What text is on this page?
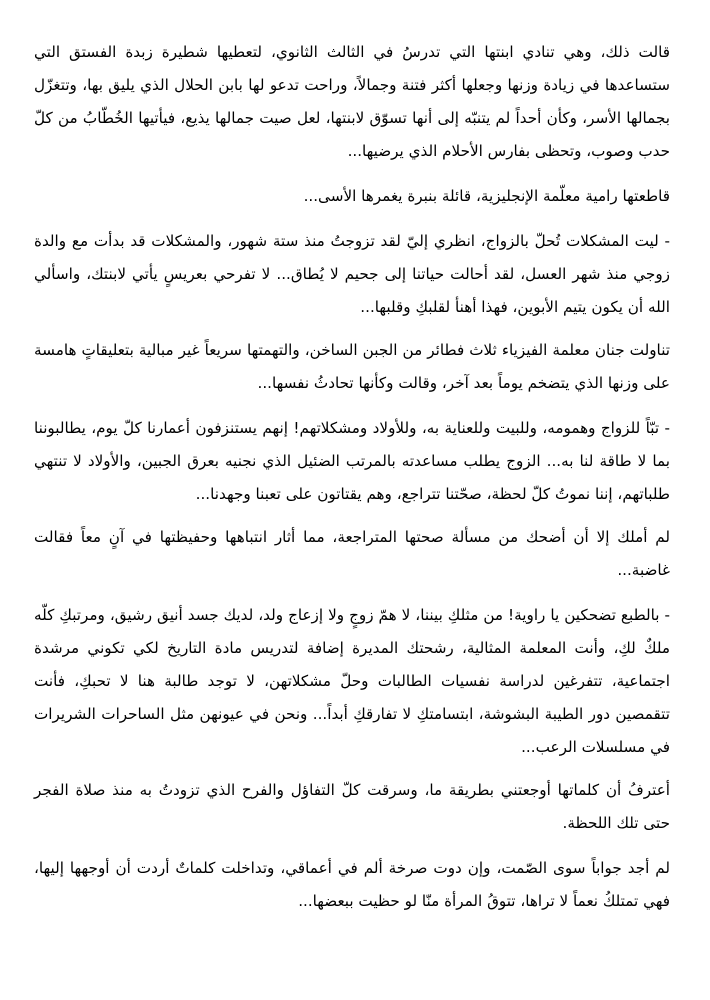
قالت ذلك، وهي تنادي ابنتها التي تدرسُ في الثالث الثانوي، لتعطيها شطيرة زبدة الفستق التي ستساعدها في زيادة وزنها وجعلها أكثر فتنة وجمالاً، وراحت تدعو لها بابن الحلال الذي يليق بها، وتتغزّل بجمالها الأسر، وكأن أحداً لم يتنبّه إلى أنها تسوّق لابنتها، لعل صيت جمالها يذيع، فيأتيها الخُطّابُ من كلّ حدب وصوب، وتحظى بفارس الأحلام الذي يرضيها...

قاطعتها رامية معلّمة الإنجليزية، قائلة بنبرة يغمرها الأسى...

- ليت المشكلات تُحلّ بالزواج، انظري إليّ لقد تزوجتُ منذ ستة شهور، والمشكلات قد بدأت مع والدة زوجي منذ شهر العسل، لقد أحالت حياتنا إلى جحيم لا يُطاق... لا تفرحي بعريسٍ يأتي لابنتك، واسألي الله أن يكون يتيم الأبوين، فهذا أهنأ لقلبكِ وقلبها...

تناولت جنان معلمة الفيزياء ثلاث فطائر من الجبن الساخن، والتهمتها سريعاً غير مبالية بتعليقاتٍ هامسة على وزنها الذي يتضخم يوماً بعد آخر، وقالت وكأنها تحادثُ نفسها...

- تبّاً للزواج وهمومه، وللبيت وللعناية به، وللأولاد ومشكلاتهم! إنهم يستنزفون أعمارنا كلّ يوم، يطالبوننا بما لا طاقة لنا به... الزوج يطلب مساعدته بالمرتب الضئيل الذي نجنيه بعرق الجبين، والأولاد لا تنتهي طلباتهم، إننا نموتُ كلّ لحظة، صحّتنا تتراجع، وهم يقتاتون على تعبنا وجهدنا...

لم أملك إلا أن أضحك من مسألة صحتها المتراجعة، مما أثار انتباهها وحفيظتها في آنٍ معاً فقالت غاضبة...

- بالطبع تضحكين يا راوية! من مثلكِ بيننا، لا همّ زوجٍ ولا إزعاج ولد، لديك جسد أنيق رشيق، ومرتبكِ كلّه ملكٌ لكِ، وأنت المعلمة المثالية، رشحتك المديرة إضافة لتدريس مادة التاريخ لكي تكوني مرشدة اجتماعية، تتفرغين لدراسة نفسيات الطالبات وحلّ مشكلاتهن، لا توجد طالبة هنا لا تحبكِ، فأنت تتقمصين دور الطيبة البشوشة، ابتسامتكِ لا تفارقكِ أبداً... ونحن في عيونهن مثل الساحرات الشريرات في مسلسلات الرعب...

أعترفُ أن كلماتها أوجعتني بطريقة ما، وسرقت كلّ التفاؤل والفرح الذي تزودتُ به منذ صلاة الفجر حتى تلك اللحظة.

لم أجد جواباً سوى الصّمت، وإن دوت صرخة ألم في أعماقي، وتداخلت كلماتٌ أردت أن أوجهها إليها، فهي تمتلكُ نعماً لا تراها، تتوقُ المرأة منّا لو حظيت ببعضها...
